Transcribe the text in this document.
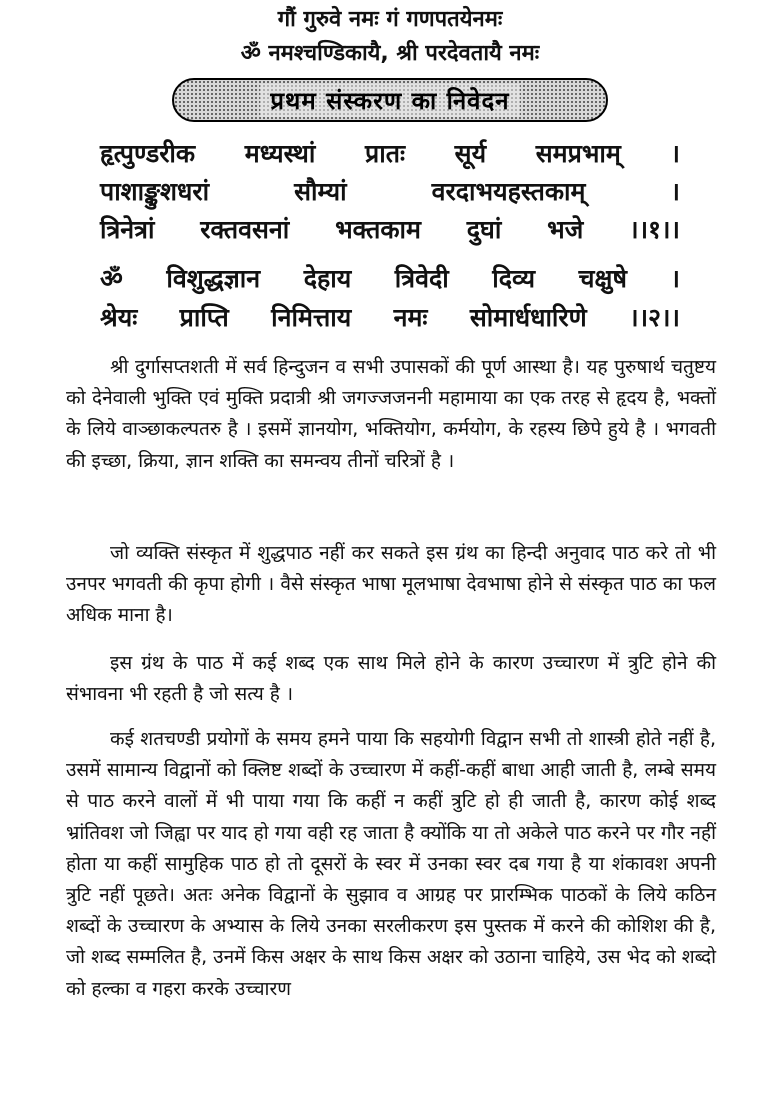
गौं गुरुवे नमः गं गणपतयेनमः
ॐ नमश्चण्डिकायै, श्री परदेवतायै नमः
प्रथम संस्करण का निवेदन
हृत्पुण्डरीक मध्यस्थां प्रातः सूर्य समप्रभाम् ।
पाशाङ्कुशधरां सौम्यां वरदाभयहस्तकाम् ।
त्रिनेत्रां रक्तवसनां भक्तकाम दुघां भजे ।।१।।
ॐ विशुद्धज्ञान देहाय त्रिवेदी दिव्य चक्षुषे ।
श्रेयः प्राप्ति निमित्ताय नमः सोमार्धधारिणे ।।२।।
श्री दुर्गासप्तशती में सर्व हिन्दुजन व सभी उपासकों की पूर्ण आस्था है। यह पुरुषार्थ चतुष्टय को देनेवाली भुक्ति एवं मुक्ति प्रदात्री श्री जगज्जजननी महामाया का एक तरह से हृदय है, भक्तों के लिये वाञ्छाकल्पतरु है । इसमें ज्ञानयोग, भक्तियोग, कर्मयोग, के रहस्य छिपे हुये है । भगवती की इच्छा, क्रिया, ज्ञान शक्ति का समन्वय तीनों चरित्रों है ।
जो व्यक्ति संस्कृत में शुद्धपाठ नहीं कर सकते इस ग्रंथ का हिन्दी अनुवाद पाठ करे तो भी उनपर भगवती की कृपा होगी । वैसे संस्कृत भाषा मूलभाषा देवभाषा होने से संस्कृत पाठ का फल अधिक माना है।
इस ग्रंथ के पाठ में कई शब्द एक साथ मिले होने के कारण उच्चारण में त्रुटि होने की संभावना भी रहती है जो सत्य है ।
कई शतचण्डी प्रयोगों के समय हमने पाया कि सहयोगी विद्वान सभी तो शास्त्री होते नहीं है, उसमें सामान्य विद्वानों को क्लिष्ट शब्दों के उच्चारण में कहीं-कहीं बाधा आही जाती है, लम्बे समय से पाठ करने वालों में भी पाया गया कि कहीं न कहीं त्रुटि हो ही जाती है, कारण कोई शब्द भ्रांतिवश जो जिह्वा पर याद हो गया वही रह जाता है क्योंकि या तो अकेले पाठ करने पर गौर नहीं होता या कहीं सामुहिक पाठ हो तो दूसरों के स्वर में उनका स्वर दब गया है या शंकावश अपनी त्रुटि नहीं पूछते। अतः अनेक विद्वानों के सुझाव व आग्रह पर प्रारम्भिक पाठकों के लिये कठिन शब्दों के उच्चारण के अभ्यास के लिये उनका सरलीकरण इस पुस्तक में करने की कोशिश की है, जो शब्द सम्मलित है, उनमें किस अक्षर के साथ किस अक्षर को उठाना चाहिये, उस भेद को शब्दो को हल्का व गहरा करके उच्चारण
